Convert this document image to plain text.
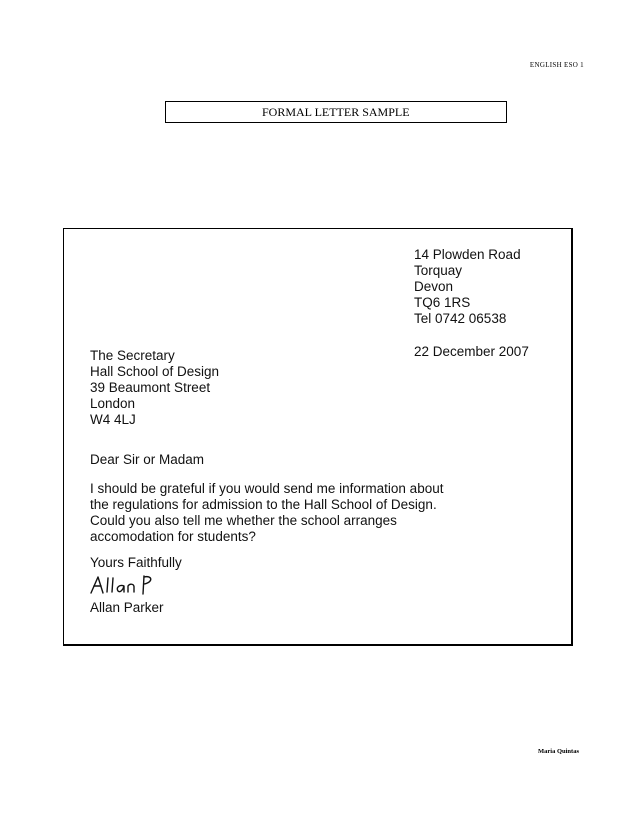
ENGLISH ESO 1
FORMAL LETTER SAMPLE

14 Plowden Road

Torquay

Devon

TQ6 1RS

Tel 0742 06538

22 December 2007

The Secretary

Hall School of Design

39 Beaumont Street

London

W4 4LJ

Dear Sir or Madam

I should be grateful if you would send me information about

the regulations for admission to the Hall School of Design.

Could you also tell me whether the school arranges

accomodation for students?

Yours Faithfully

Allan Parker

Maria Quintas
